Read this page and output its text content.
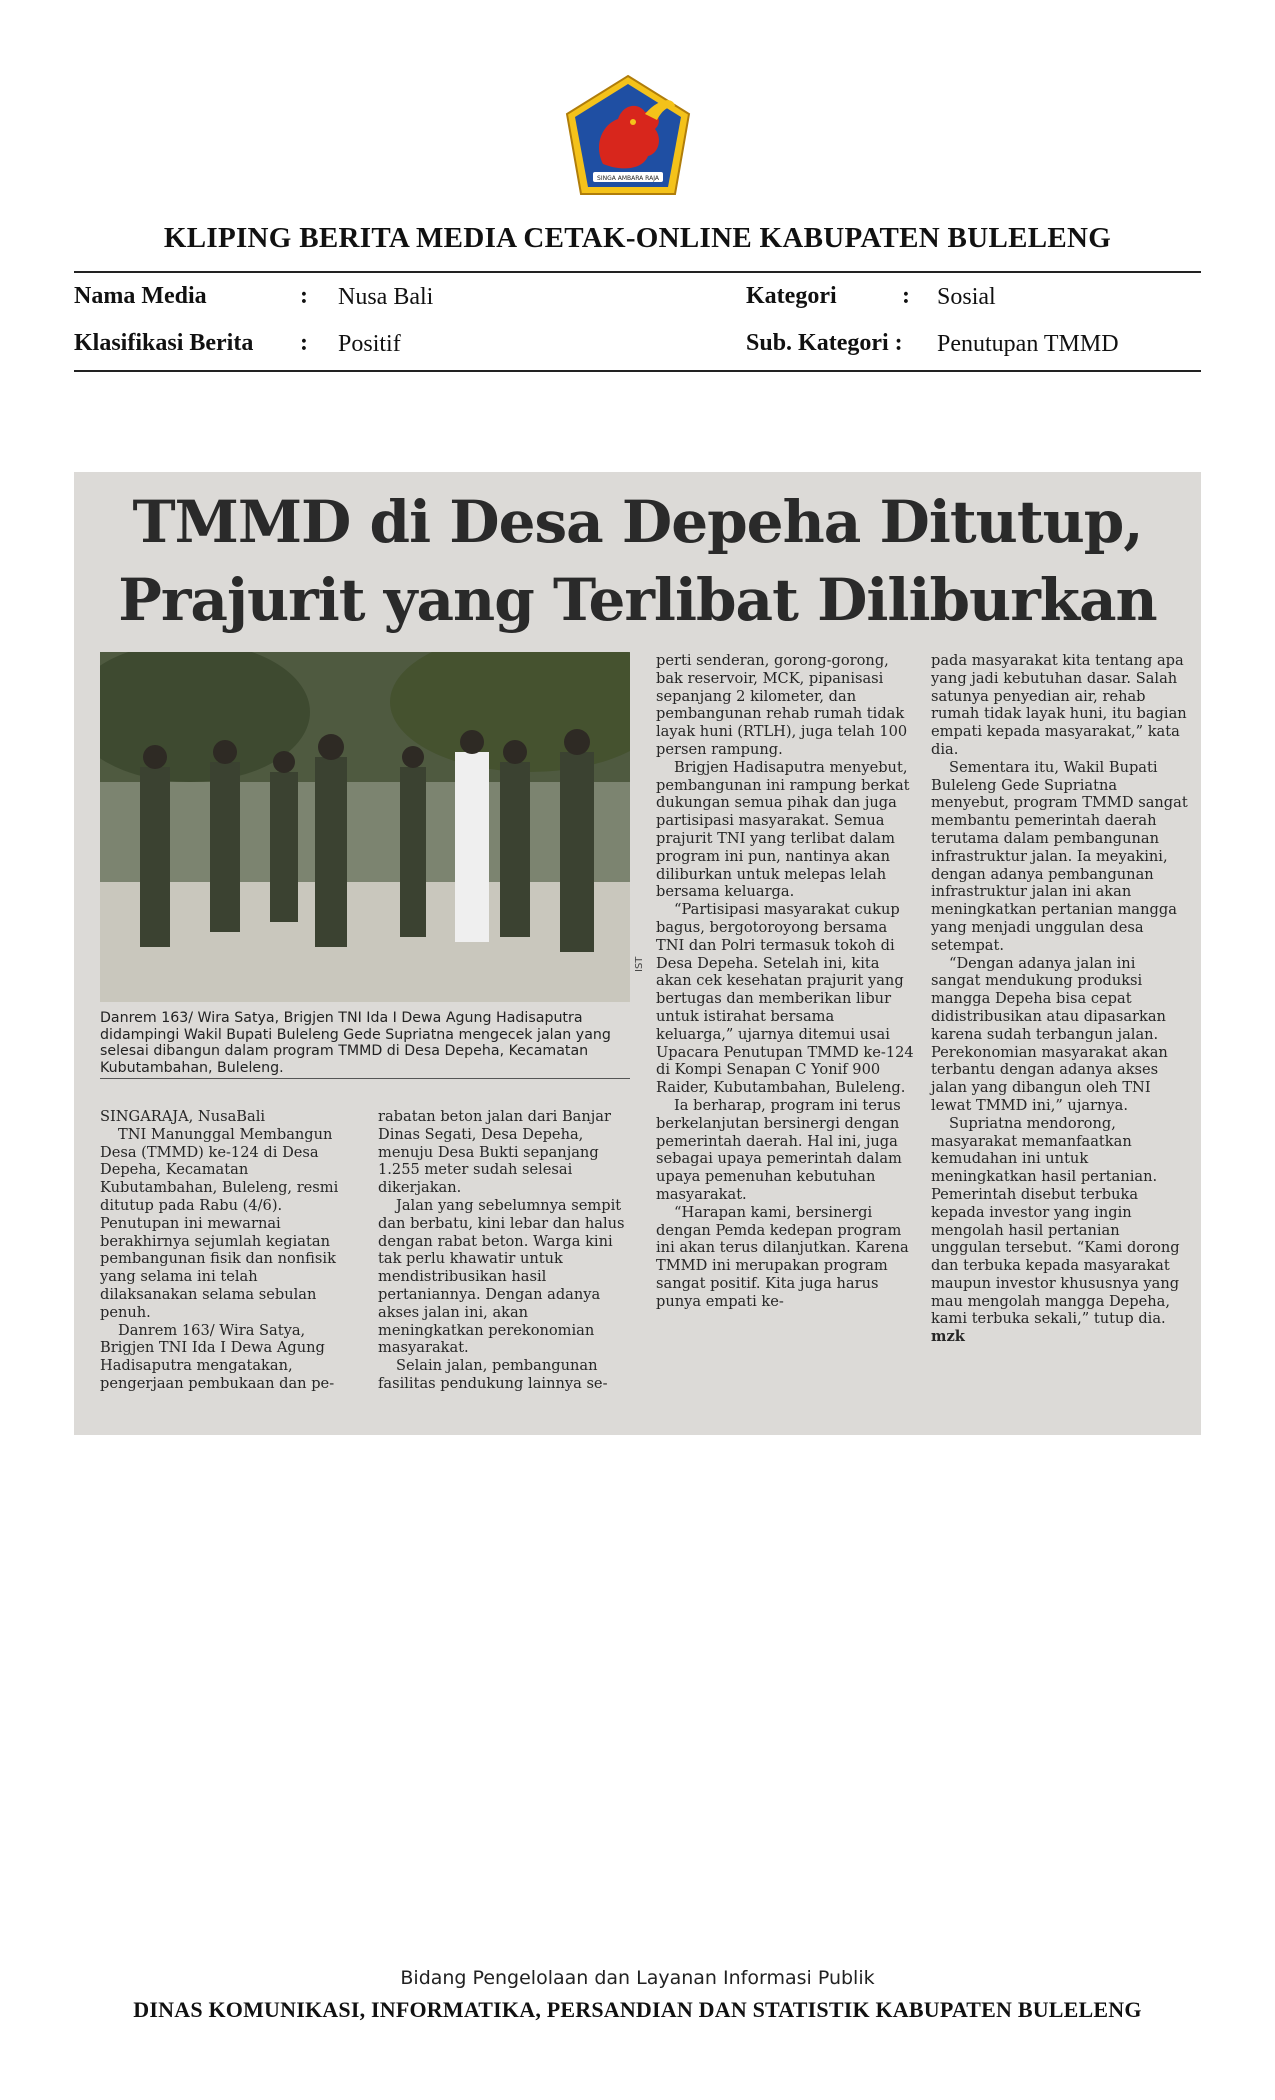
SINGA AMBARA RAJA
KLIPING BERITA MEDIA CETAK-ONLINE KABUPATEN BULELENG
Nama Media	: Nusa Bali
Klasifikasi Berita : Positif
Kategori	: Sosial
Sub. Kategori : Penutupan TMMD
TMMD di Desa Depeha Ditutup,
Prajurit yang Terlibat Diliburkan
IST
Danrem 163/ Wira Satya, Brigjen TNI Ida I Dewa Agung Hadisaputra didampingi Wakil Bupati Buleleng Gede Supriatna mengecek jalan yang selesai dibangun dalam program TMMD di Desa Depeha, Kecamatan Kubutambahan, Buleleng.

SINGARAJA, NusaBali

TNI Manunggal Membangun Desa (TMMD) ke-124 di Desa Depeha, Kecamatan Kubutambahan, Buleleng, resmi ditutup pada Rabu (4/6). Penutupan ini mewarnai berakhirnya sejumlah kegiatan pembangunan fisik dan nonfisik yang selama ini telah dilaksanakan selama sebulan penuh.

Danrem 163/ Wira Satya, Brigjen TNI Ida I Dewa Agung Hadisaputra mengatakan, pengerjaan pembukaan dan pe-

rabatan beton jalan dari Banjar Dinas Segati, Desa Depeha, menuju Desa Bukti sepanjang 1.255 meter sudah selesai dikerjakan.

Jalan yang sebelumnya sempit dan berbatu, kini lebar dan halus dengan rabat beton. Warga kini tak perlu khawatir untuk mendistribusikan hasil pertaniannya. Dengan adanya akses jalan ini, akan meningkatkan perekonomian masyarakat.

Selain jalan, pembangunan fasilitas pendukung lainnya se-

perti senderan, gorong-gorong, bak reservoir, MCK, pipanisasi sepanjang 2 kilometer, dan pembangunan rehab rumah tidak layak huni (RTLH), juga telah 100 persen rampung.

Brigjen Hadisaputra menyebut, pembangunan ini rampung berkat dukungan semua pihak dan juga partisipasi masyarakat. Semua prajurit TNI yang terlibat dalam program ini pun, nantinya akan diliburkan untuk melepas lelah bersama keluarga.

“Partisipasi masyarakat cukup bagus, bergotoroyong bersama TNI dan Polri termasuk tokoh di Desa Depeha. Setelah ini, kita akan cek kesehatan prajurit yang bertugas dan memberikan libur untuk istirahat bersama keluarga,” ujarnya ditemui usai Upacara Penutupan TMMD ke-124 di Kompi Senapan C Yonif 900 Raider, Kubutambahan, Buleleng.

Ia berharap, program ini terus berkelanjutan bersinergi dengan pemerintah daerah. Hal ini, juga sebagai upaya pemerintah dalam upaya pemenuhan kebutuhan masyarakat.

“Harapan kami, bersinergi dengan Pemda kedepan program ini akan terus dilanjutkan. Karena TMMD ini merupakan program sangat positif. Kita juga harus punya empati ke-

pada masyarakat kita tentang apa yang jadi kebutuhan dasar. Salah satunya penyedian air, rehab rumah tidak layak huni, itu bagian empati kepada masyarakat,” kata dia.

Sementara itu, Wakil Bupati Buleleng Gede Supriatna menyebut, program TMMD sangat membantu pemerintah daerah terutama dalam pembangunan infrastruktur jalan. Ia meyakini, dengan adanya pembangunan infrastruktur jalan ini akan meningkatkan pertanian mangga yang menjadi unggulan desa setempat.

“Dengan adanya jalan ini sangat mendukung produksi mangga Depeha bisa cepat didistribusikan atau dipasarkan karena sudah terbangun jalan. Perekonomian masyarakat akan terbantu dengan adanya akses jalan yang dibangun oleh TNI lewat TMMD ini,” ujarnya.

Supriatna mendorong, masyarakat memanfaatkan kemudahan ini untuk meningkatkan hasil pertanian. Pemerintah disebut terbuka kepada investor yang ingin mengolah hasil pertanian unggulan tersebut. “Kami dorong dan terbuka kepada masyarakat maupun investor khususnya yang mau mengolah mangga Depeha, kami terbuka sekali,” tutup dia. mzk

Bidang Pengelolaan dan Layanan Informasi Publik
DINAS KOMUNIKASI, INFORMATIKA, PERSANDIAN DAN STATISTIK KABUPATEN BULELENG
